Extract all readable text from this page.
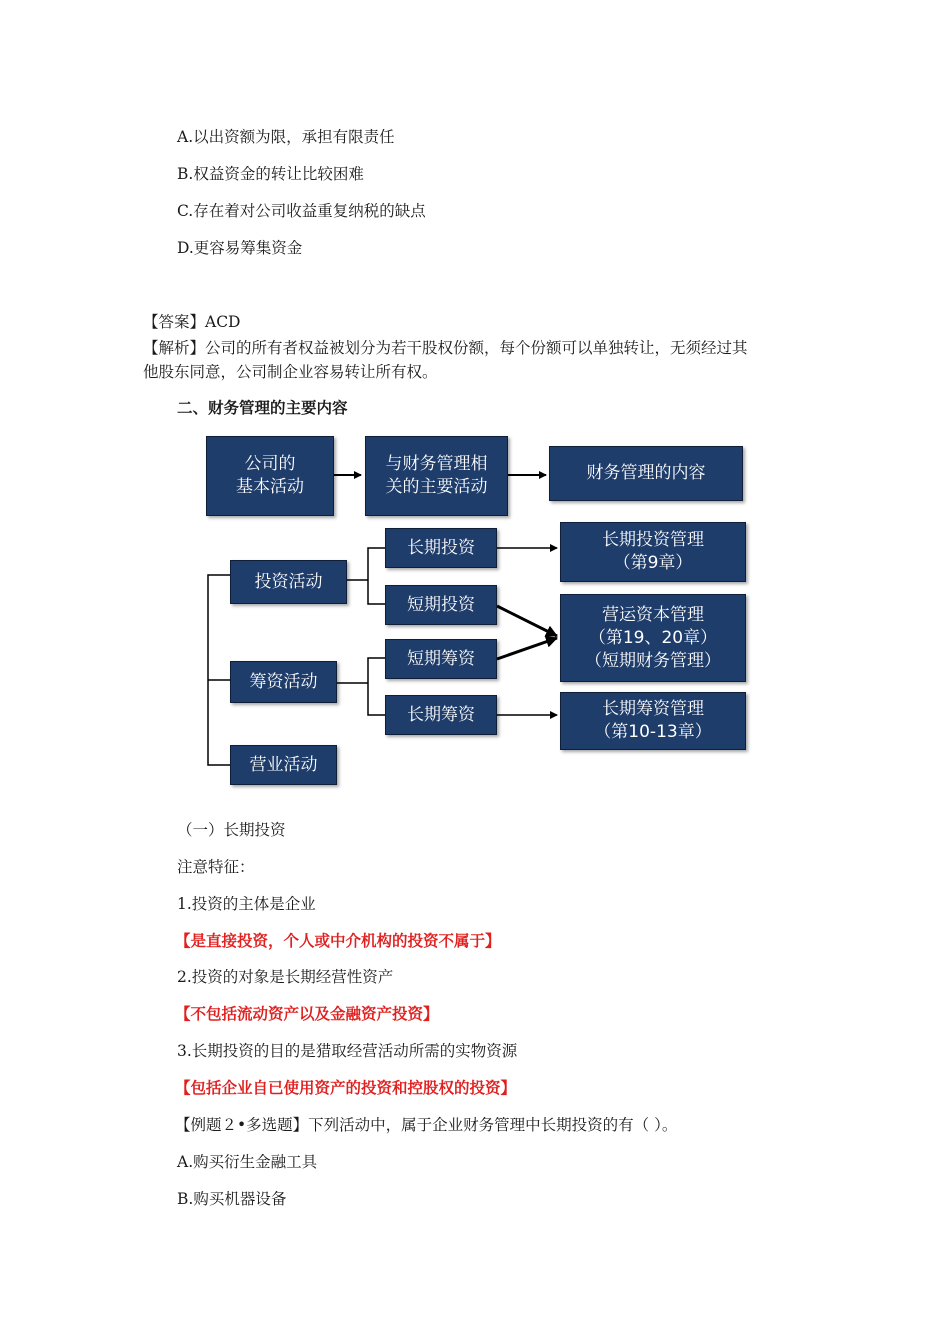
A.以出资额为限，承担有限责任
B.权益资金的转让比较困难
C.存在着对公司收益重复纳税的缺点
D.更容易筹集资金
【答案】ACD
【解析】公司的所有者权益被划分为若干股权份额，每个份额可以单独转让，无须经过其
他股东同意，公司制企业容易转让所有权。
二、财务管理的主要内容
公司的
基本活动
与财务管理相
关的主要活动
财务管理的内容
投资活动
筹资活动
营业活动
长期投资
短期投资
短期筹资
长期筹资
长期投资管理
（第9章）
营运资本管理
（第19、20章）
（短期财务管理）
长期筹资管理
（第10-13章）
（一）长期投资
注意特征：
1.投资的主体是企业
【是直接投资，个人或中介机构的投资不属于】
2.投资的对象是长期经营性资产
【不包括流动资产以及金融资产投资】
3.长期投资的目的是猎取经营活动所需的实物资源
【包括企业自已使用资产的投资和控股权的投资】
【例题２•多选题】下列活动中，属于企业财务管理中长期投资的有（ ）。
A.购买衍生金融工具
B.购买机器设备
